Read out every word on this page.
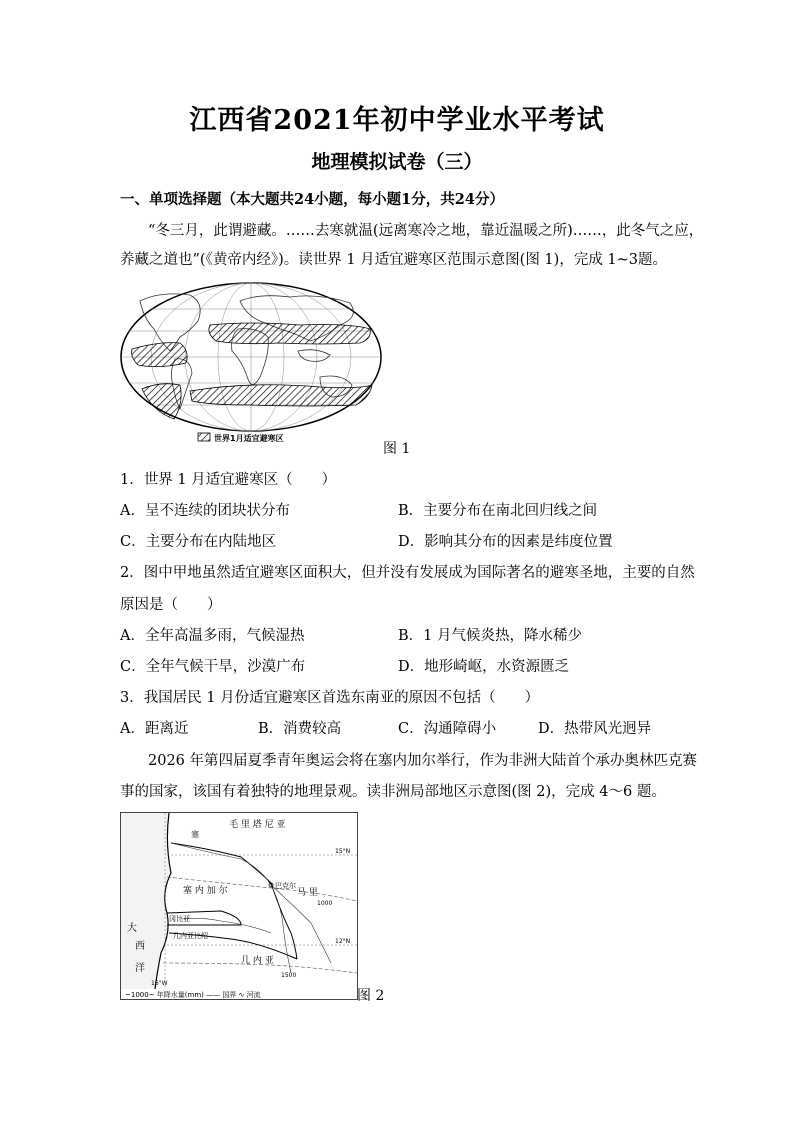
江西省2021年初中学业水平考试
地理模拟试卷（三）
一、单项选择题（本大题共24小题，每小题1分，共24分）
“冬三月，此谓避藏。……去寒就温(远离寒冷之地，靠近温暖之所)……，此冬气之应，
养藏之道也”(《黄帝内经》)。读世界 1 月适宜避寒区范围示意图(图 1)，完成 1~3题。
世界1月适宜避寒区
图 1
1．世界 1 月适宜避寒区（　　）
A．呈不连续的团块状分布	B．主要分布在南北回归线之间
C．主要分布在内陆地区	D．影响其分布的因素是纬度位置
2．图中甲地虽然适宜避寒区面积大，但并没有发展成为国际著名的避寒圣地，主要的自然
原因是（　　）
A．全年高温多雨，气候湿热	B．1 月气候炎热，降水稀少
C．全年气候干旱，沙漠广布	D．地形崎岖，水资源匮乏
3．我国居民 1 月份适宜避寒区首选东南亚的原因不包括（　　）
A．距离近	B．消费较高	C．沟通障碍小	D．热带风光迥异
2026 年第四届夏季青年奥运会将在塞内加尔举行，作为非洲大陆首个承办奥林匹克赛
事的国家，该国有着独特的地理景观。读非洲局部地区示意图(图 2)，完成 4～6 题。
毛 里 塔 尼 亚
塞
塞 内 加 尔	马 里
巴克尔
冈比亚
几内亚比绍
几 内 亚
大
西
洋
15°N
12°N
16°W
1000
1500
~1000~ 年降水量(mm) —— 国界 ∿ 河流	图 2
